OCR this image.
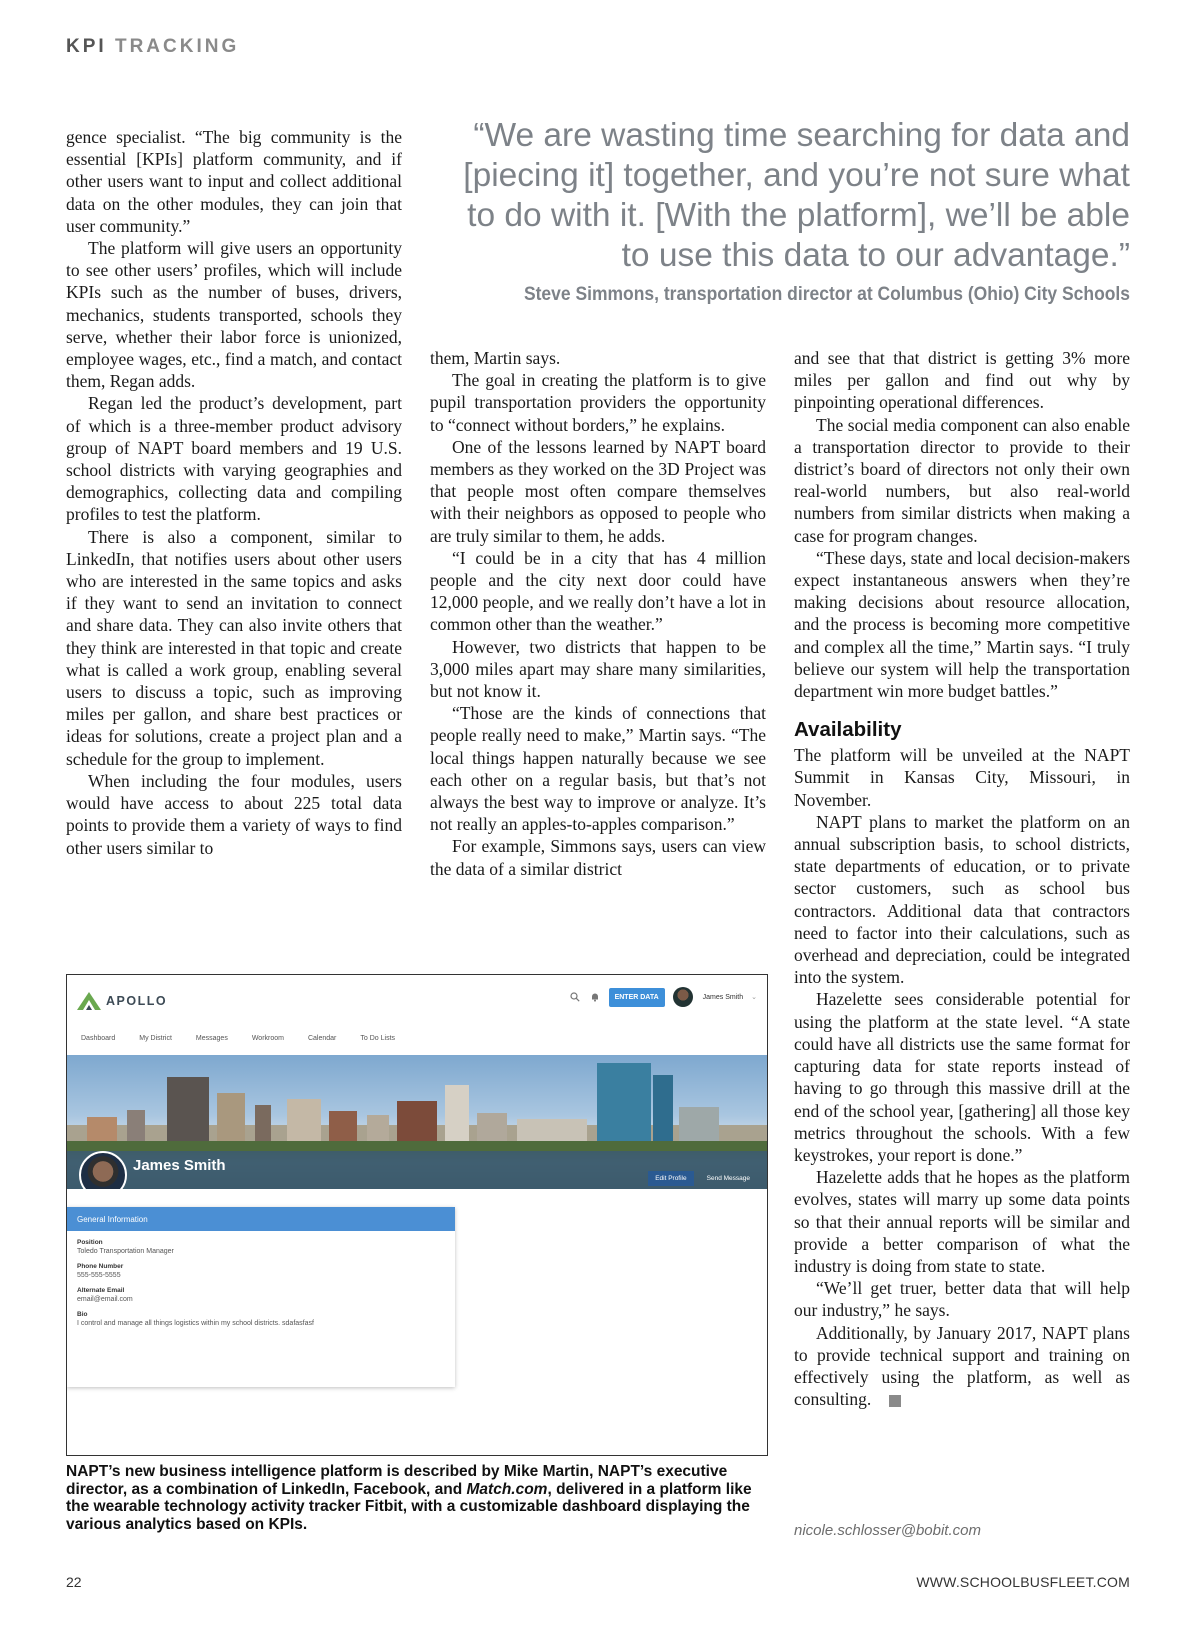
KPI TRACKING

“We are wasting time searching for data and [piecing it] together, and you’re not sure what to do with it. [With the platform], we’ll be able to use this data to our advantage.”

Steve Simmons, transportation director at Columbus (Ohio) City Schools

gence specialist. “The big community is the essential [KPIs] platform community, and if other users want to input and collect additional data on the other modules, they can join that user community.”

The platform will give users an opportunity to see other users’ profiles, which will include KPIs such as the number of buses, drivers, mechanics, students transported, schools they serve, whether their labor force is unionized, employee wages, etc., find a match, and contact them, Regan adds.

Regan led the product’s development, part of which is a three-member product advisory group of NAPT board members and 19 U.S. school districts with varying geographies and demographics, collecting data and compiling profiles to test the platform.

There is also a component, similar to LinkedIn, that notifies users about other users who are interested in the same topics and asks if they want to send an invitation to connect and share data. They can also invite others that they think are interested in that topic and create what is called a work group, enabling several users to discuss a topic, such as improving miles per gallon, and share best practices or ideas for solutions, create a project plan and a schedule for the group to implement.

When including the four modules, users would have access to about 225 total data points to provide them a variety of ways to find other users similar to

them, Martin says.

The goal in creating the platform is to give pupil transportation providers the opportunity to “connect without borders,” he explains.

One of the lessons learned by NAPT board members as they worked on the 3D Project was that people most often compare themselves with their neighbors as opposed to people who are truly similar to them, he adds.

“I could be in a city that has 4 million people and the city next door could have 12,000 people, and we really don’t have a lot in common other than the weather.”

However, two districts that happen to be 3,000 miles apart may share many similarities, but not know it.

“Those are the kinds of connections that people really need to make,” Martin says. “The local things happen naturally because we see each other on a regular basis, but that’s not always the best way to improve or analyze. It’s not really an apples-to-apples comparison.”

For example, Simmons says, users can view the data of a similar district

and see that that district is getting 3% more miles per gallon and find out why by pinpointing operational differences.

The social media component can also enable a transportation director to provide to their district’s board of directors not only their own real-world numbers, but also real-world numbers from similar districts when making a case for program changes.

“These days, state and local decision-makers expect instantaneous answers when they’re making decisions about resource allocation, and the process is becoming more competitive and complex all the time,” Martin says. “I truly believe our system will help the transportation department win more budget battles.”

Availability

The platform will be unveiled at the NAPT Summit in Kansas City, Missouri, in November.

NAPT plans to market the platform on an annual subscription basis, to school districts, state departments of education, or to private sector customers, such as school bus contractors. Additional data that contractors need to factor into their calculations, such as overhead and depreciation, could be integrated into the system.

Hazelette sees considerable potential for using the platform at the state level. “A state could have all districts use the same format for capturing data for state reports instead of having to go through this massive drill at the end of the school year, [gathering] all those key metrics throughout the schools. With a few keystrokes, your report is done.”

Hazelette adds that he hopes as the platform evolves, states will marry up some data points so that their annual reports will be similar and provide a better comparison of what the industry is doing from state to state.

“We’ll get truer, better data that will help our industry,” he says.

Additionally, by January 2017, NAPT plans to provide technical support and training on effectively using the platform, as well as consulting.

nicole.schlosser@bobit.com

APOLLO	ENTER DATA	James Smith ⌄
Dashboard	My District	Messages	Workroom	Calendar	To Do Lists
James Smith
Edit Profile	Send Message
General Information
Position
Toledo Transportation Manager
Phone Number
555-555-5555
Alternate Email
email@email.com
Bio
I control and manage all things logistics within my school districts. sdafasfasf

NAPT’s new business intelligence platform is described by Mike Martin, NAPT’s executive director, as a combination of LinkedIn, Facebook, and Match.com, delivered in a platform like the wearable technology activity tracker Fitbit, with a customizable dashboard displaying the various analytics based on KPIs.

22	WWW.SCHOOLBUSFLEET.COM
